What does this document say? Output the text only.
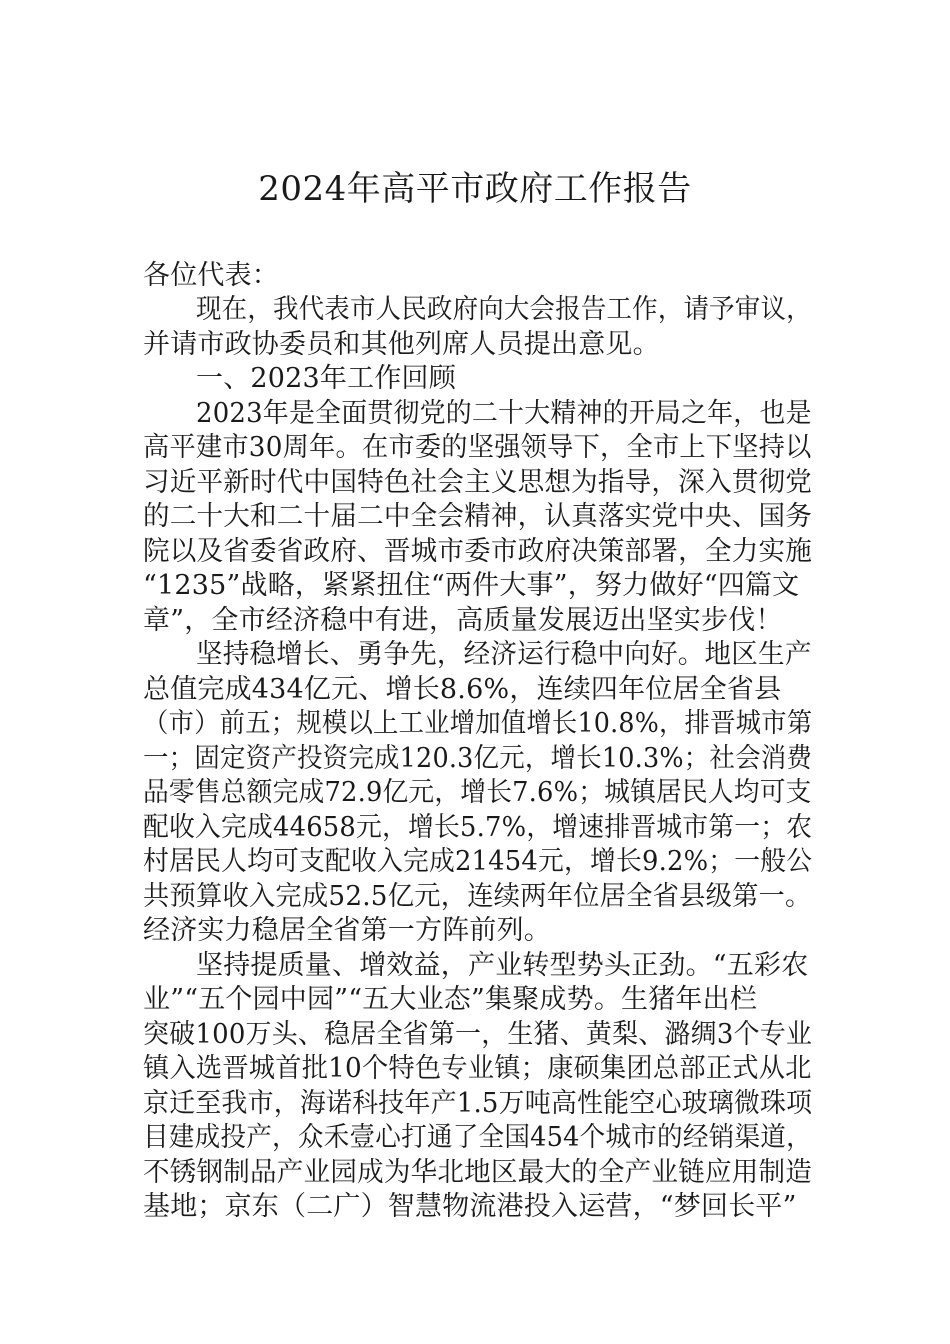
2024年高平市政府工作报告
各位代表：
现在，我代表市人民政府向大会报告工作，请予审议，
并请市政协委员和其他列席人员提出意见。
一、2023年工作回顾
2023年是全面贯彻党的二十大精神的开局之年，也是
高平建市30周年。在市委的坚强领导下，全市上下坚持以
习近平新时代中国特色社会主义思想为指导，深入贯彻党
的二十大和二十届二中全会精神，认真落实党中央、国务
院以及省委省政府、晋城市委市政府决策部署，全力实施
“1235”战略，紧紧扭住“两件大事”，努力做好“四篇文
章”，全市经济稳中有进，高质量发展迈出坚实步伐！
坚持稳增长、勇争先，经济运行稳中向好。地区生产
总值完成434亿元、增长8.6%，连续四年位居全省县
（市）前五；规模以上工业增加值增长10.8%，排晋城市第
一；固定资产投资完成120.3亿元，增长10.3%；社会消费
品零售总额完成72.9亿元，增长7.6%；城镇居民人均可支
配收入完成44658元，增长5.7%，增速排晋城市第一；农
村居民人均可支配收入完成21454元，增长9.2%；一般公
共预算收入完成52.5亿元，连续两年位居全省县级第一。
经济实力稳居全省第一方阵前列。
坚持提质量、增效益，产业转型势头正劲。“五彩农
业”“五个园中园”“五大业态”集聚成势。生猪年出栏
突破100万头、稳居全省第一，生猪、黄梨、潞绸3个专业
镇入选晋城首批10个特色专业镇；康硕集团总部正式从北
京迁至我市，海诺科技年产1.5万吨高性能空心玻璃微珠项
目建成投产，众禾壹心打通了全国454个城市的经销渠道，
不锈钢制品产业园成为华北地区最大的全产业链应用制造
基地；京东（二广）智慧物流港投入运营，“梦回长平”
